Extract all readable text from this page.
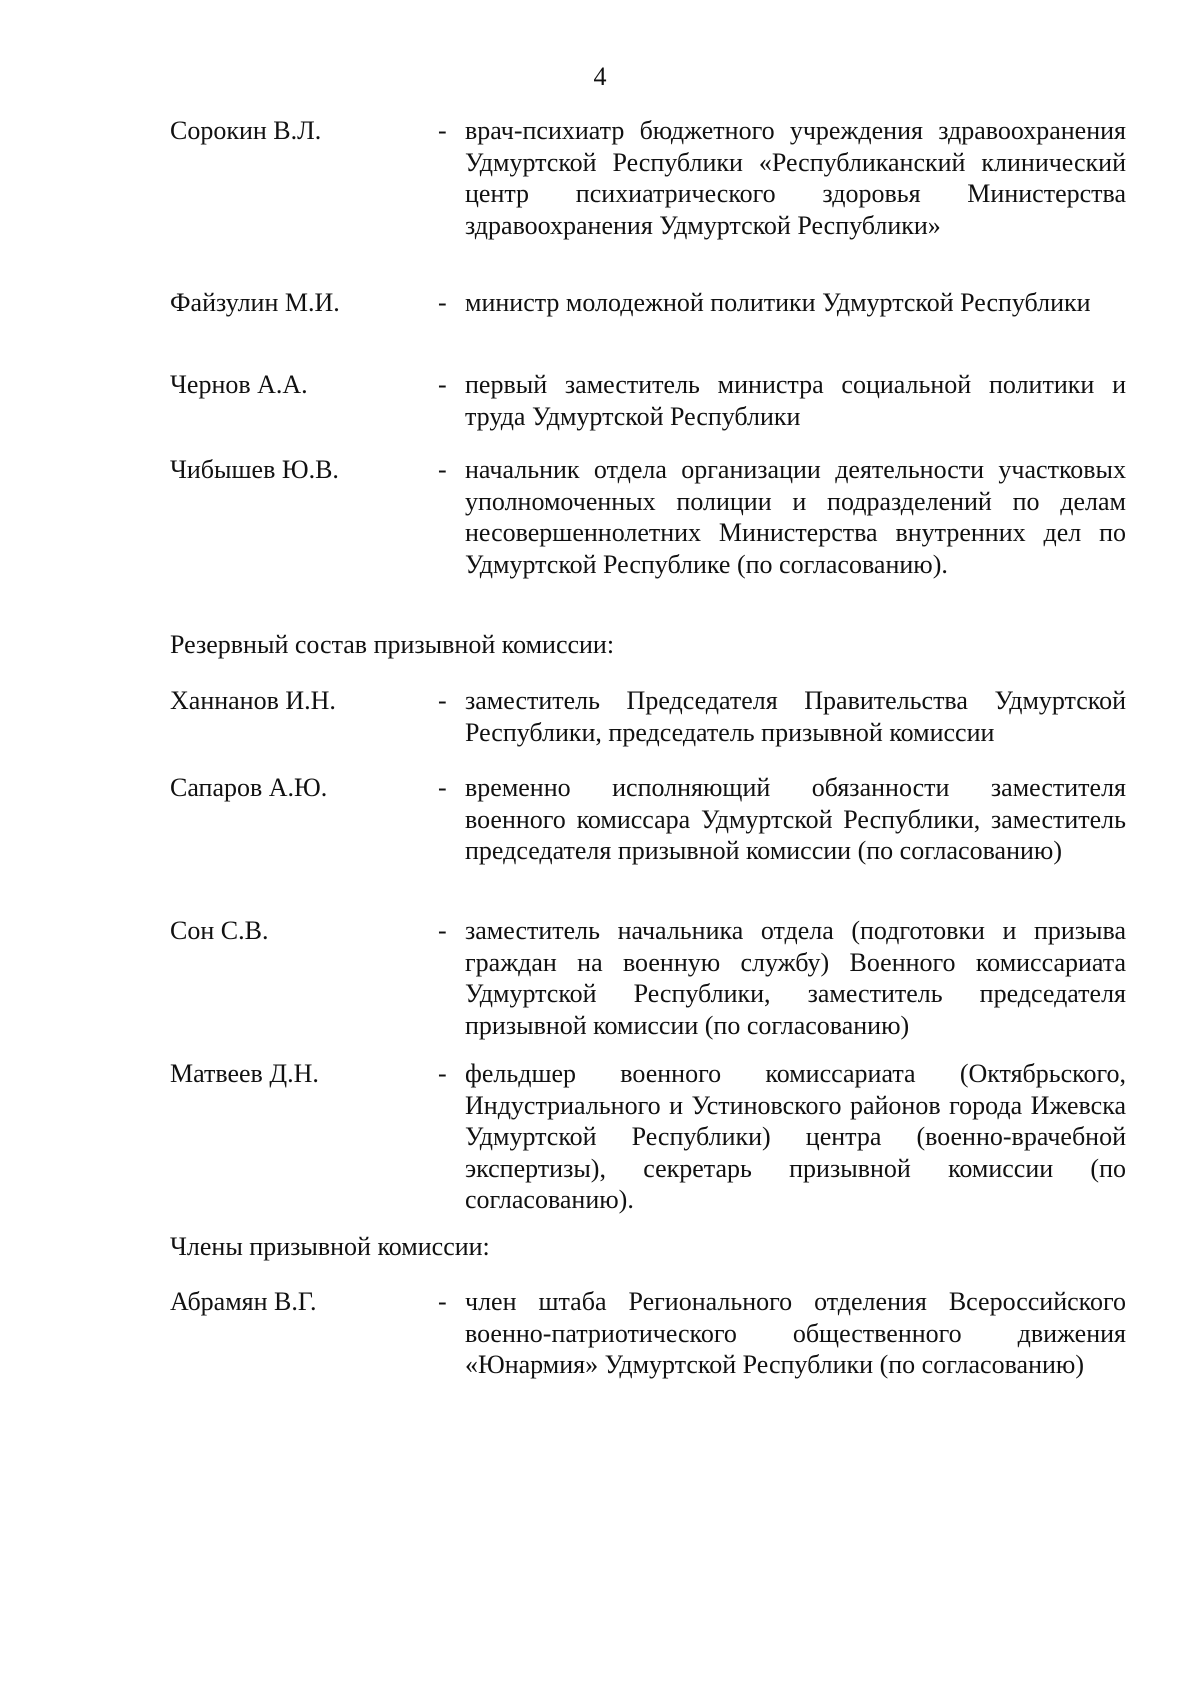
4
Сорокин В.Л.	- врач-психиатр бюджетного учреждения здравоохранения Удмуртской Республики «Республиканский клинический центр психиатрического здоровья Министерства здравоохранения Удмуртской Республики»
Файзулин М.И.	- министр молодежной политики Удмуртской Республики
Чернов А.А.	- первый заместитель министра социальной политики и труда Удмуртской Республики
Чибышев Ю.В.	- начальник отдела организации деятельности участковых уполномоченных полиции и подразделений по делам несовершеннолетних Министерства внутренних дел по Удмуртской Республике (по согласованию).
Резервный состав призывной комиссии:
Ханнанов И.Н.	- заместитель Председателя Правительства Удмуртской Республики, председатель призывной комиссии
Сапаров А.Ю.	- временно исполняющий обязанности заместителя военного комиссара Удмуртской Республики, заместитель председателя призывной комиссии (по согласованию)
Сон С.В.	- заместитель начальника отдела (подготовки и призыва граждан на военную службу) Военного комиссариата Удмуртской Республики, заместитель председателя призывной комиссии (по согласованию)
Матвеев Д.Н.	- фельдшер военного комиссариата (Октябрьского, Индустриального и Устиновского районов города Ижевска Удмуртской Республики) центра (военно-врачебной экспертизы), секретарь призывной комиссии (по согласованию).
Члены призывной комиссии:
Абрамян В.Г.	- член штаба Регионального отделения Всероссийского военно-патриотического общественного движения «Юнармия» Удмуртской Республики (по согласованию)
